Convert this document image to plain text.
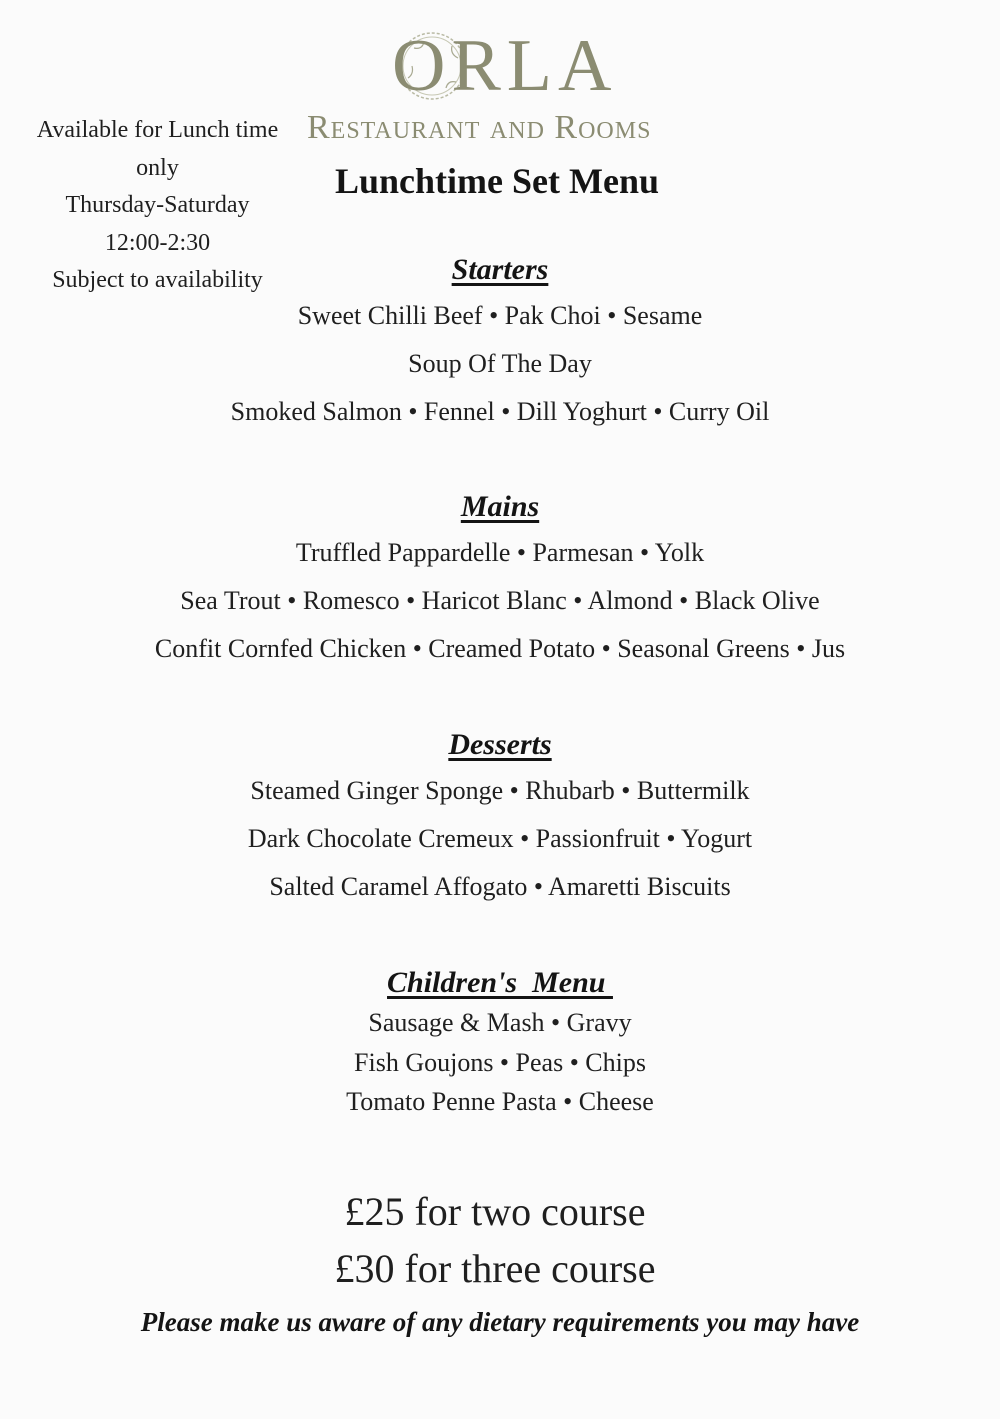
ORLA
Restaurant and Rooms
Available for Lunch time
only
Thursday-Saturday
12:00-2:30
Subject to availability
Lunchtime Set Menu
Starters
Sweet Chilli Beef • Pak Choi • Sesame
Soup Of The Day
Smoked Salmon • Fennel • Dill Yoghurt • Curry Oil
Mains
Truffled Pappardelle • Parmesan • Yolk
Sea Trout • Romesco • Haricot Blanc • Almond • Black Olive
Confit Cornfed Chicken • Creamed Potato • Seasonal Greens • Jus
Desserts
Steamed Ginger Sponge • Rhubarb • Buttermilk
Dark Chocolate Cremeux • Passionfruit • Yogurt
Salted Caramel Affogato • Amaretti Biscuits
Children's  Menu
Sausage & Mash • Gravy
Fish Goujons • Peas • Chips
Tomato Penne Pasta • Cheese
£25 for two course
£30 for three course
Please make us aware of any dietary requirements you may have
